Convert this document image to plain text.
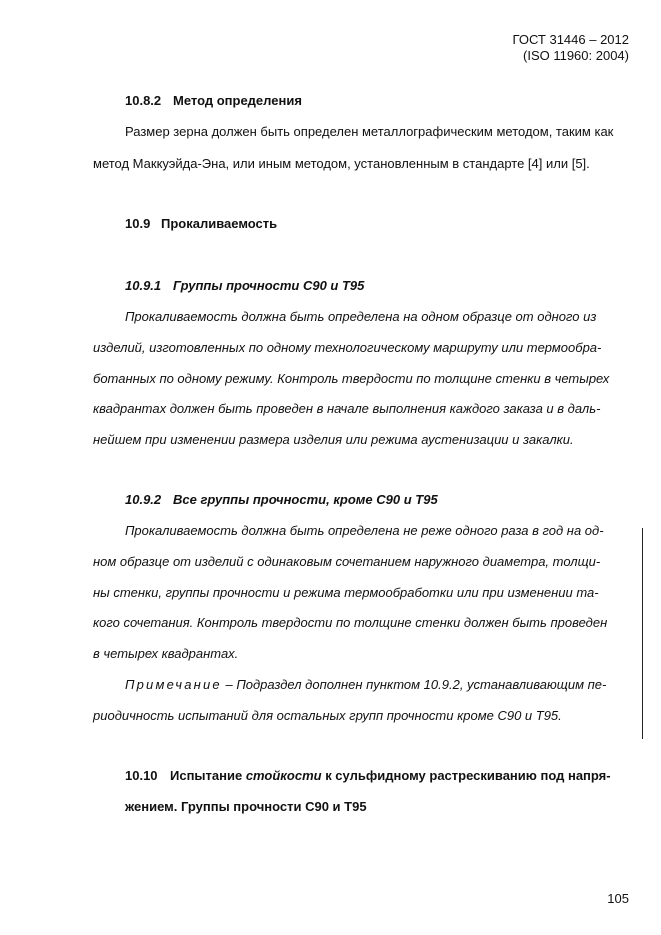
ГОСТ 31446 – 2012
(ISO 11960: 2004)
10.8.2 Метод определения
Размер зерна должен быть определен металлографическим методом, таким как
метод Маккуэйда-Эна, или иным методом, установленным в стандарте [4] или [5].
10.9 Прокаливаемость
10.9.1 Группы прочности С90 и Т95
Прокаливаемость должна быть определена на одном образце от одного из
изделий, изготовленных по одному технологическому маршруту или термообра-
ботанных по одному режиму. Контроль твердости по толщине стенки в четырех
квадрантах должен быть проведен в начале выполнения каждого заказа и в даль-
нейшем при изменении размера изделия или режима аустенизации и закалки.
10.9.2 Все группы прочности, кроме С90 и Т95
Прокаливаемость должна быть определена не реже одного раза в год на од-
ном образце от изделий с одинаковым сочетанием наружного диаметра, толщи-
ны стенки, группы прочности и режима термообработки или при изменении та-
кого сочетания. Контроль твердости по толщине стенки должен быть проведен
в четырех квадрантах.
Примечание – Подраздел дополнен пунктом 10.9.2, устанавливающим пе-
риодичность испытаний для остальных групп прочности кроме С90 и Т95.
10.10 Испытание стойкости к сульфидному растрескиванию под напря-
жением. Группы прочности С90 и Т95
105
